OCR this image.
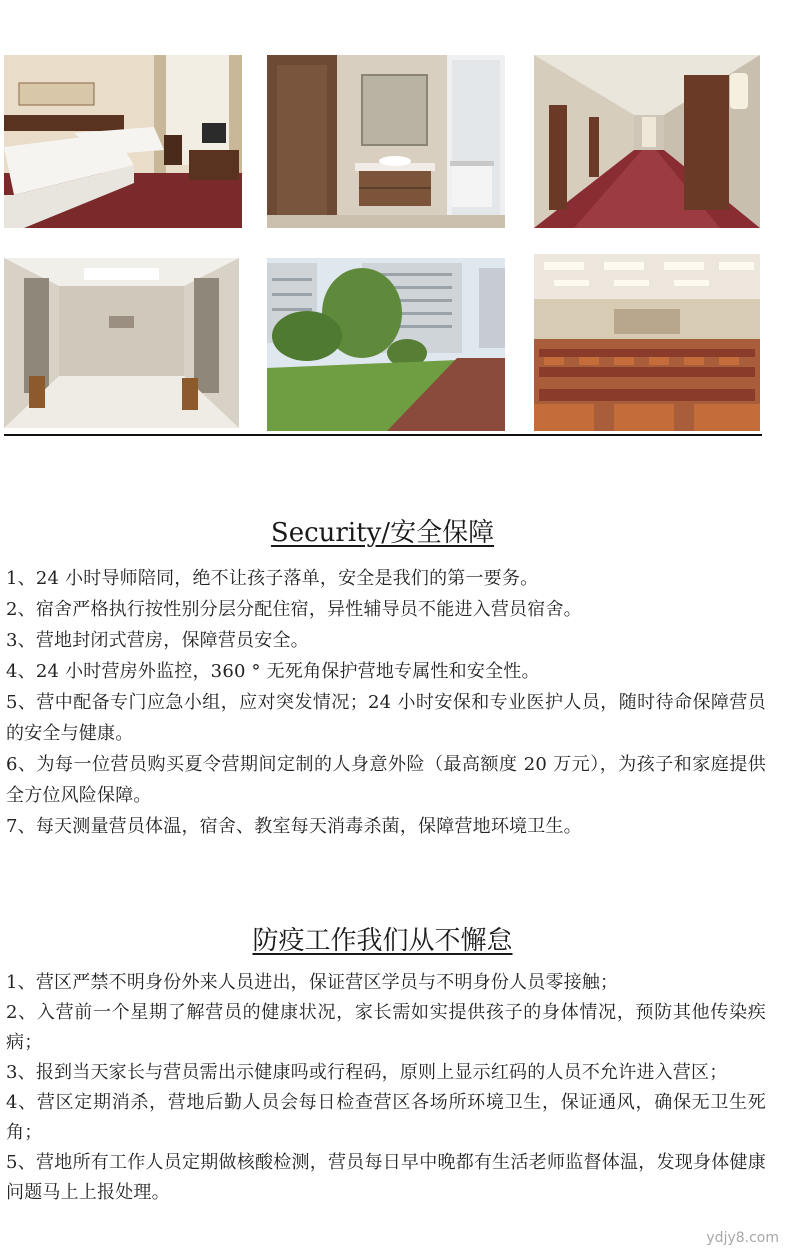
Security/安全保障
1、24 小时导师陪同，绝不让孩子落单，安全是我们的第一要务。
2、宿舍严格执行按性别分层分配住宿，异性辅导员不能进入营员宿舍。
3、营地封闭式营房，保障营员安全。
4、24 小时营房外监控，360 ° 无死角保护营地专属性和安全性。
5、营中配备专门应急小组，应对突发情况；24 小时安保和专业医护人员，随时待命保障营员的安全与健康。
6、为每一位营员购买夏令营期间定制的人身意外险（最高额度 20 万元），为孩子和家庭提供全方位风险保障。
7、每天测量营员体温，宿舍、教室每天消毒杀菌，保障营地环境卫生。
防疫工作我们从不懈怠
1、营区严禁不明身份外来人员进出，保证营区学员与不明身份人员零接触；
2、入营前一个星期了解营员的健康状况，家长需如实提供孩子的身体情况，预防其他传染疾病；
3、报到当天家长与营员需出示健康吗或行程码，原则上显示红码的人员不允许进入营区；
4、营区定期消杀，营地后勤人员会每日检查营区各场所环境卫生，保证通风，确保无卫生死角；
5、营地所有工作人员定期做核酸检测，营员每日早中晚都有生活老师监督体温，发现身体健康问题马上上报处理。
ydjy8.com
